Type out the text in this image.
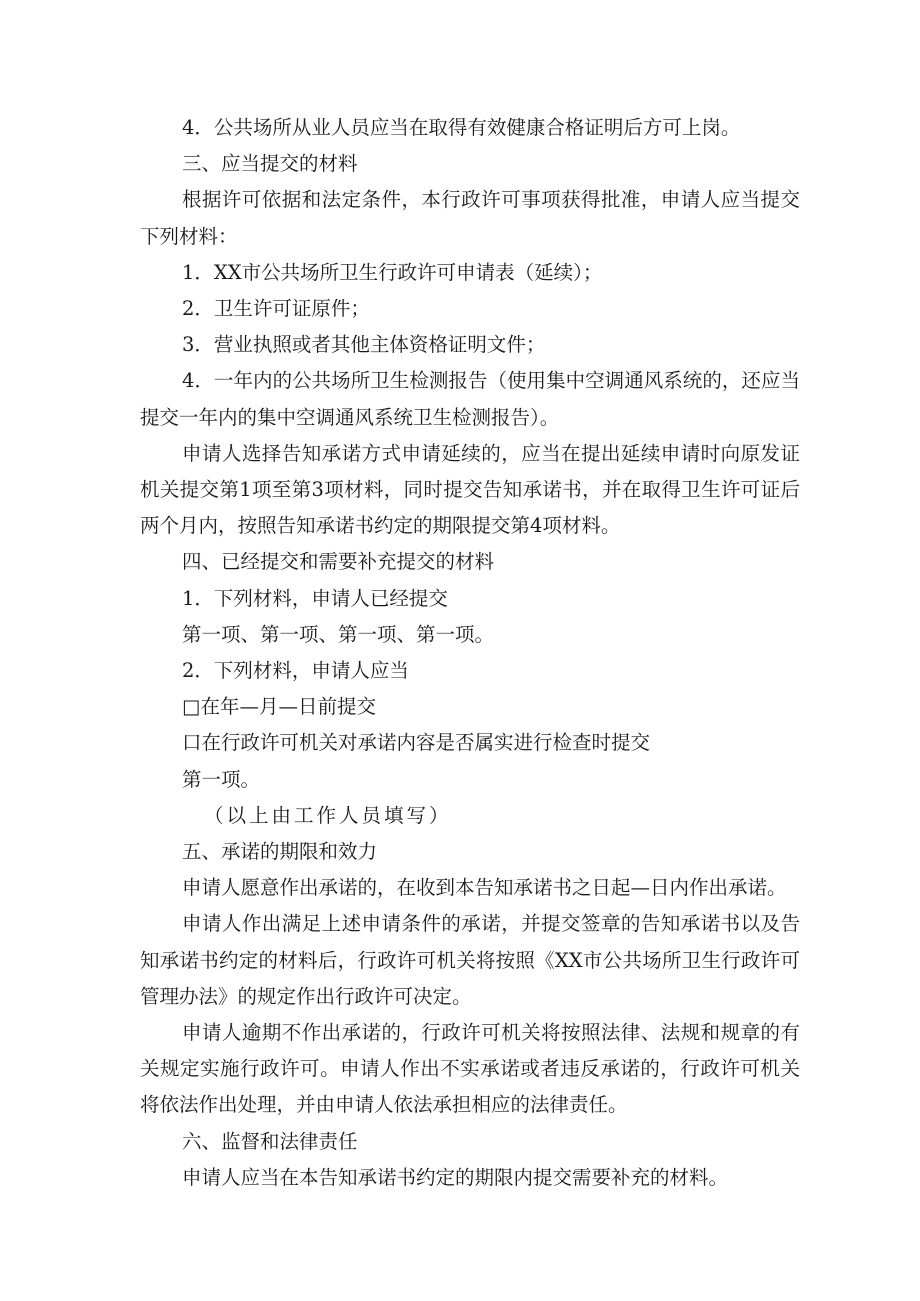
4．公共场所从业人员应当在取得有效健康合格证明后方可上岗。

三、应当提交的材料

根据许可依据和法定条件，本行政许可事项获得批准，申请人应当提交下列材料：

1．XX市公共场所卫生行政许可申请表（延续）；

2．卫生许可证原件；

3．营业执照或者其他主体资格证明文件；

4．一年内的公共场所卫生检测报告（使用集中空调通风系统的，还应当提交一年内的集中空调通风系统卫生检测报告）。

申请人选择告知承诺方式申请延续的，应当在提出延续申请时向原发证机关提交第1项至第3项材料，同时提交告知承诺书，并在取得卫生许可证后两个月内，按照告知承诺书约定的期限提交第4项材料。

四、已经提交和需要补充提交的材料

1．下列材料，申请人已经提交

第一项、第一项、第一项、第一项。

2．下列材料，申请人应当

□在年—月—日前提交

口在行政许可机关对承诺内容是否属实进行检查时提交

第一项。

（以上由工作人员填写）

五、承诺的期限和效力

申请人愿意作出承诺的，在收到本告知承诺书之日起—日内作出承诺。

申请人作出满足上述申请条件的承诺，并提交签章的告知承诺书以及告知承诺书约定的材料后，行政许可机关将按照《XX市公共场所卫生行政许可管理办法》的规定作出行政许可决定。

申请人逾期不作出承诺的，行政许可机关将按照法律、法规和规章的有关规定实施行政许可。申请人作出不实承诺或者违反承诺的，行政许可机关将依法作出处理，并由申请人依法承担相应的法律责任。

六、监督和法律责任

申请人应当在本告知承诺书约定的期限内提交需要补充的材料。
